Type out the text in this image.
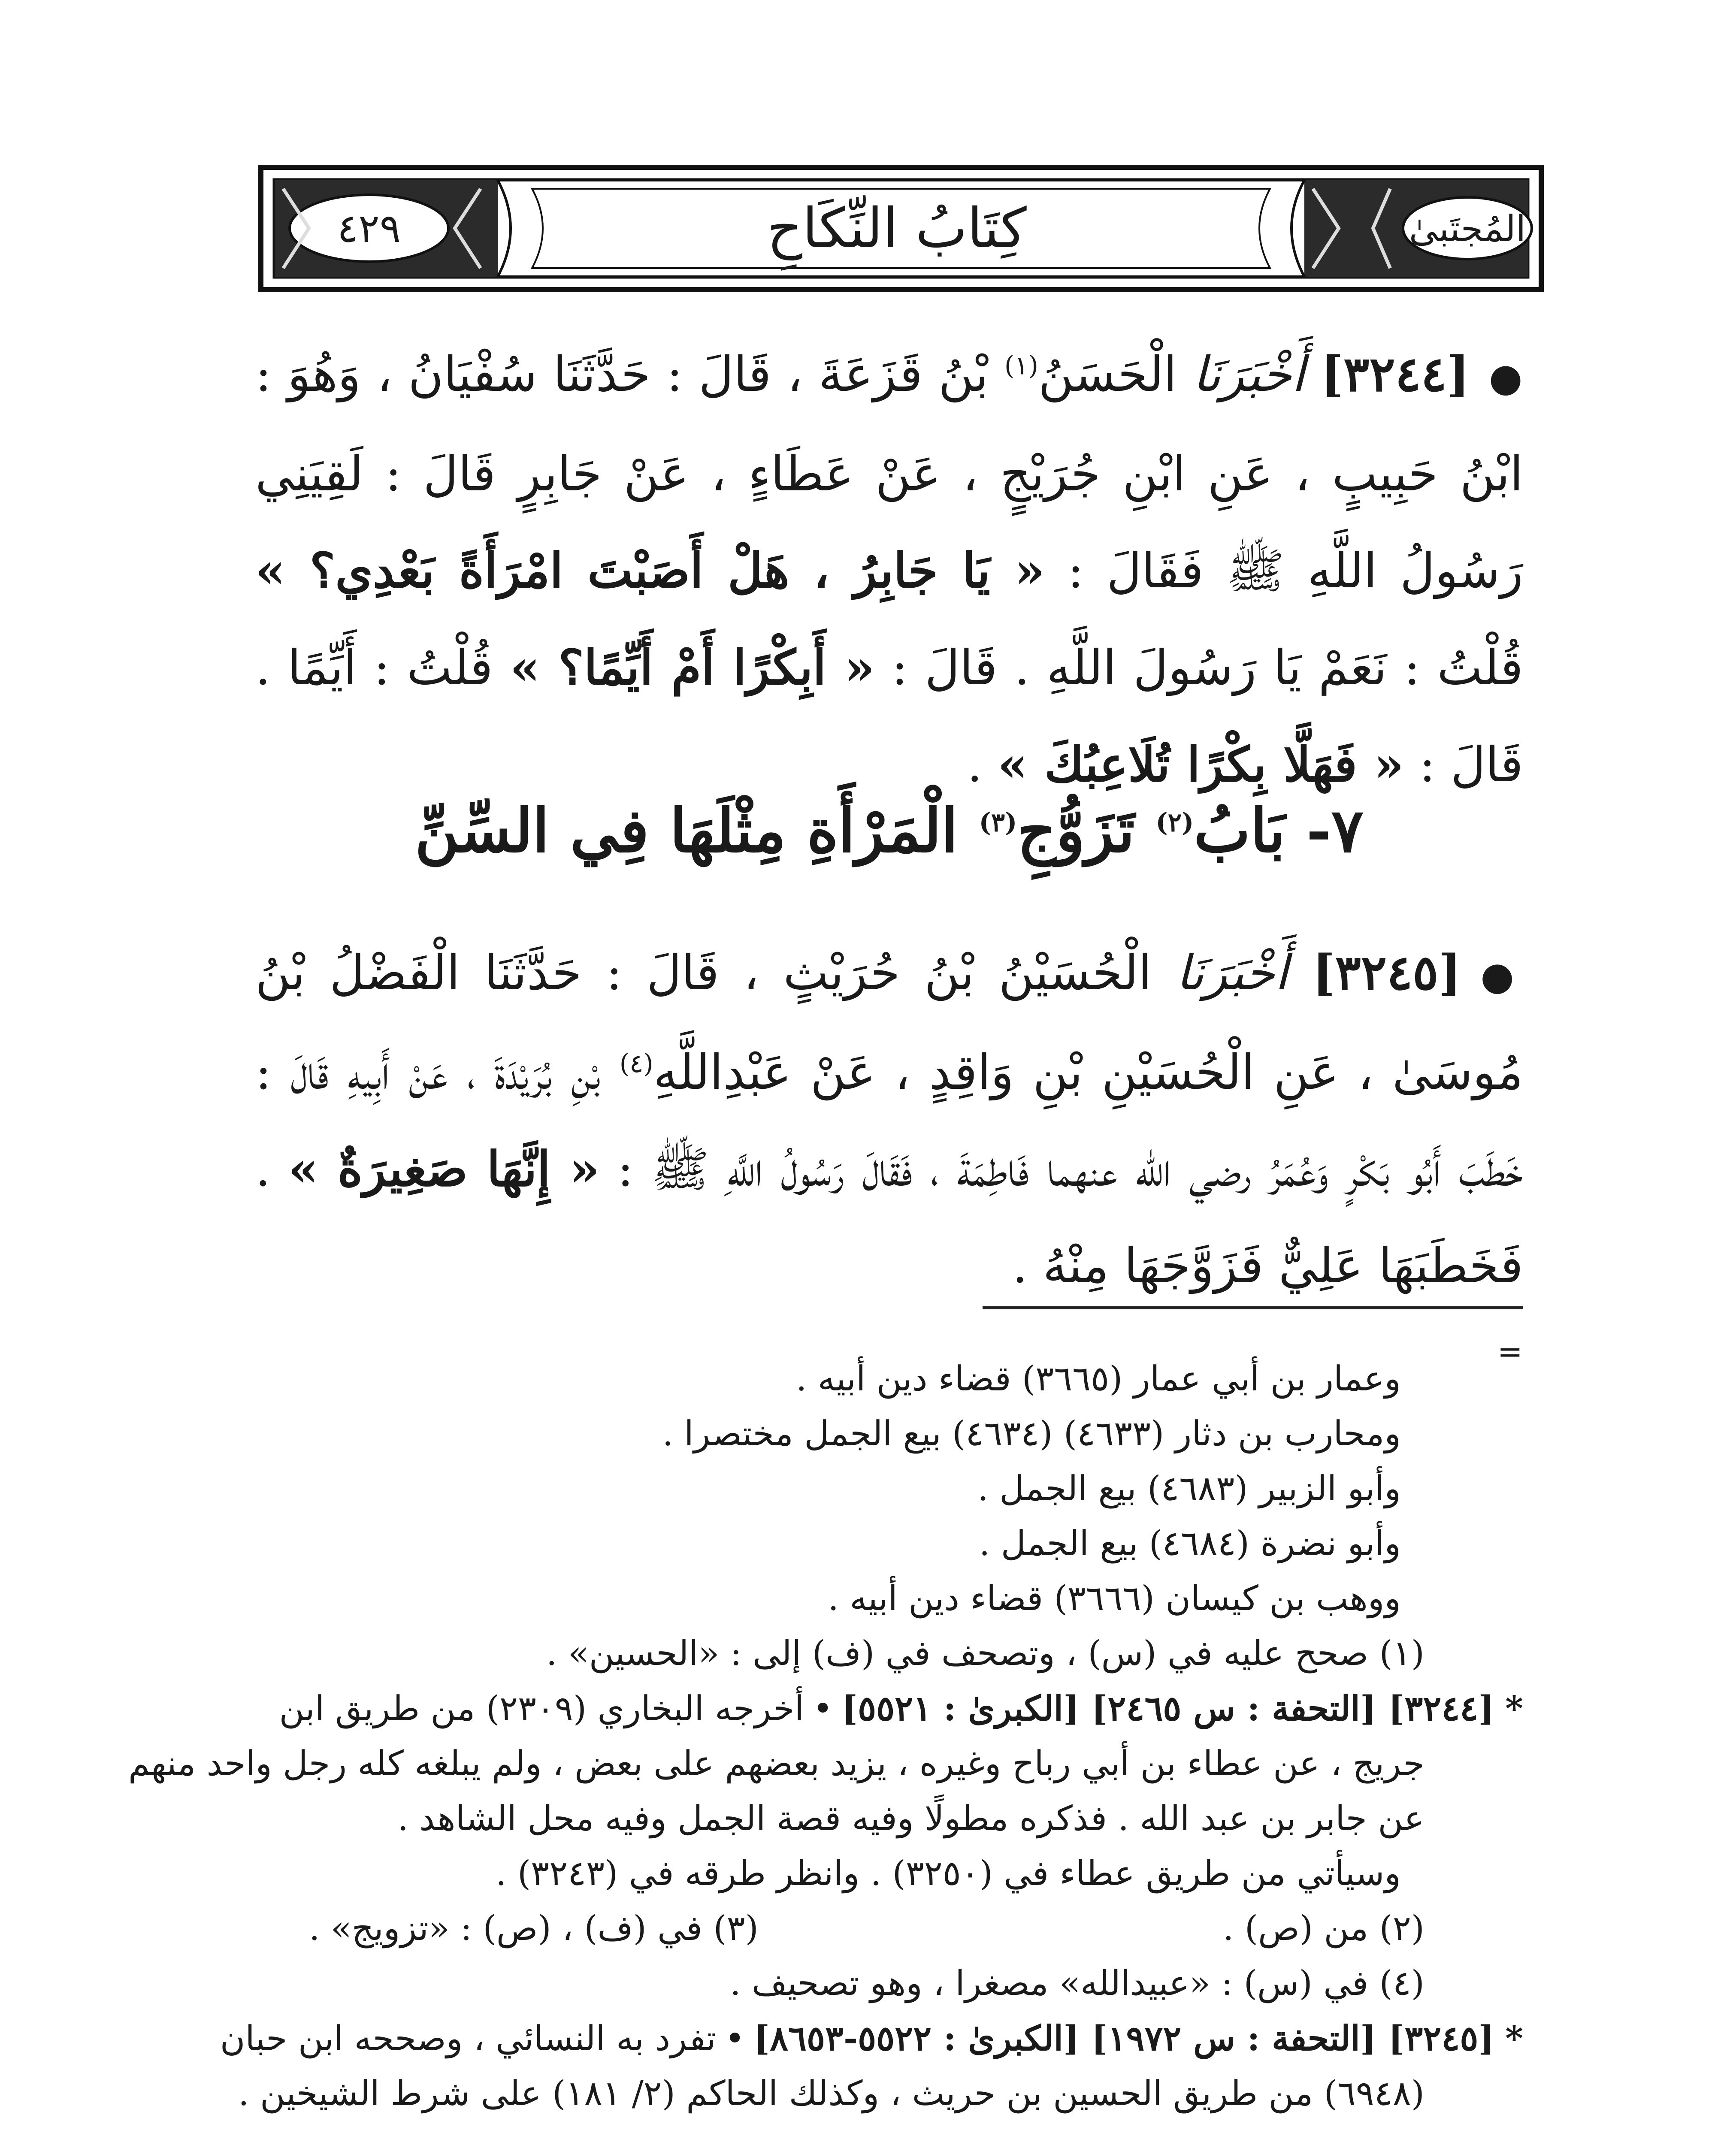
٤٢٩	كِتَابُ النِّكَاحِ	المُجتَبىٰ

●[٣٢٤٤] أَخْبَرَنَا الْحَسَنُ$^{(١)}$ بْنُ قَزَعَةَ ، قَالَ : حَدَّثَنَا سُفْيَانُ ، وَهُوَ : ابْنُ حَبِيبٍ ، عَنِ ابْنِ جُرَيْجٍ ، عَنْ عَطَاءٍ ، عَنْ جَابِرٍ قَالَ : لَقِيَنِي رَسُولُ اللَّهِ ﷺ فَقَالَ : « يَا جَابِرُ ، هَلْ أَصَبْتَ امْرَأَةً بَعْدِي؟ » قُلْتُ : نَعَمْ يَا رَسُولَ اللَّهِ . قَالَ : « أَبِكْرًا أَمْ أَيِّمًا؟ » قُلْتُ : أَيِّمًا . قَالَ : « فَهَلَّا بِكْرًا تُلَاعِبُكَ » .

٧- بَابُ$^{(٢)}$ تَزَوُّجِ$^{(٣)}$ الْمَرْأَةِ مِثْلَهَا فِي السِّنِّ

●[٣٢٤٥] أَخْبَرَنَا الْحُسَيْنُ بْنُ حُرَيْثٍ ، قَالَ : حَدَّثَنَا الْفَضْلُ بْنُ مُوسَىٰ ، عَنِ الْحُسَيْنِ بْنِ وَاقِدٍ ، عَنْ عَبْدِاللَّهِ$^{(٤)}$ بْنِ بُرَيْدَةَ ، عَنْ أَبِيهِ قَالَ : خَطَبَ أَبُو بَكْرٍ وَعُمَرُ رضي الله عنهما فَاطِمَةَ ، فَقَالَ رَسُولُ اللَّهِ ﷺ : « إِنَّهَا صَغِيرَةٌ » . فَخَطَبَهَا عَلِيٌّ فَزَوَّجَهَا مِنْهُ .

=

وعمار بن أبي عمار (٣٦٦٥) قضاء دين أبيه .

ومحارب بن دثار (٤٦٣٣) (٤٦٣٤) بيع الجمل مختصرا .

وأبو الزبير (٤٦٨٣) بيع الجمل .

وأبو نضرة (٤٦٨٤) بيع الجمل .

ووهب بن كيسان (٣٦٦٦) قضاء دين أبيه .

(١) صحح عليه في (س) ، وتصحف في (ف) إلى : «الحسين» .

*[٣٢٤٤] [التحفة : س ٢٤٦٥] [الكبرىٰ : ٥٥٢١]•أخرجه البخاري (٢٣٠٩) من طريق ابن

جريج ، عن عطاء بن أبي رباح وغيره ، يزيد بعضهم على بعض ، ولم يبلغه كله رجل واحد منهم

عن جابر بن عبد الله . فذكره مطولًا وفيه قصة الجمل وفيه محل الشاهد .

وسيأتي من طريق عطاء في (٣٢٥٠) . وانظر طرقه في (٣٢٤٣) .

(٢) من (ص) .
(٣) في (ف) ، (ص) : «تزويج» .

(٤) في (س) : «عبيدالله» مصغرا ، وهو تصحيف .

*[٣٢٤٥] [التحفة : س ١٩٧٢] [الكبرىٰ : ٥٥٢٢-٨٦٥٣]•تفرد به النسائي ، وصححه ابن حبان

(٦٩٤٨) من طريق الحسين بن حريث ، وكذلك الحاكم (٢/ ١٨١) على شرط الشيخين .
